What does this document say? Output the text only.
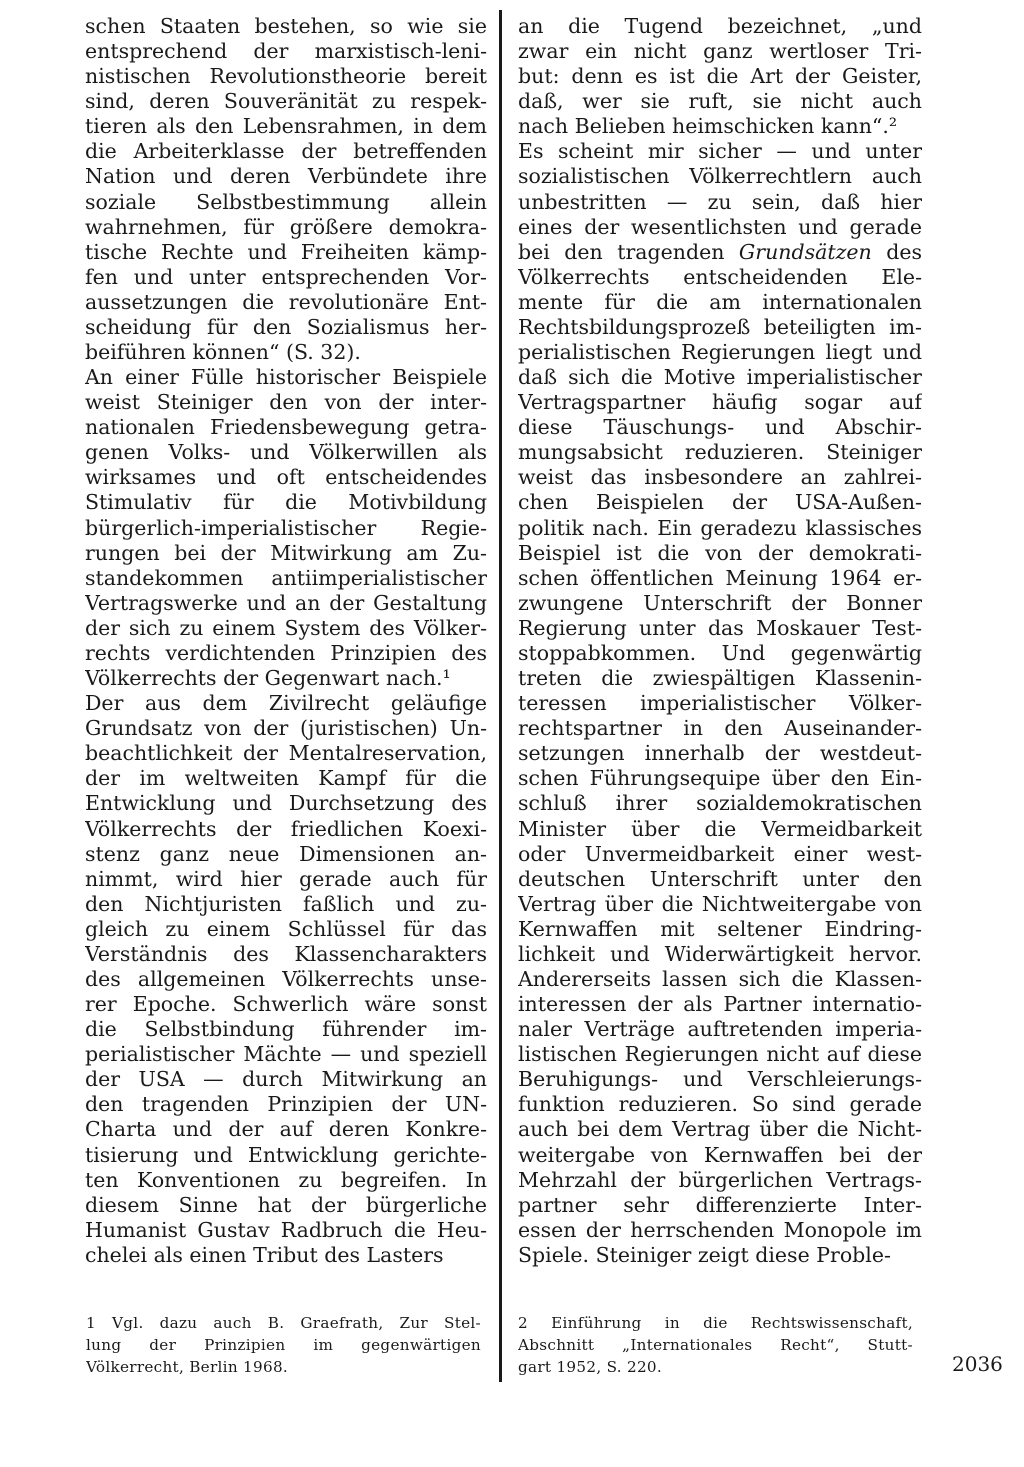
schen Staaten bestehen, so wie sie
entsprechend der marxistisch-leni-
nistischen Revolutionstheorie bereit
sind, deren Souveränität zu respek-
tieren als den Lebensrahmen, in dem
die Arbeiterklasse der betreffenden
Nation und deren Verbündete ihre
soziale Selbstbestimmung allein
wahrnehmen, für größere demokra-
tische Rechte und Freiheiten kämp-
fen und unter entsprechenden Vor-
aussetzungen die revolutionäre Ent-
scheidung für den Sozialismus her-
beiführen können“ (S. 32).
An einer Fülle historischer Beispiele
weist Steiniger den von der inter-
nationalen Friedensbewegung getra-
genen Volks- und Völkerwillen als
wirksames und oft entscheidendes
Stimulativ für die Motivbildung
bürgerlich-imperialistischer Regie-
rungen bei der Mitwirkung am Zu-
standekommen antiimperialistischer
Vertragswerke und an der Gestaltung
der sich zu einem System des Völker-
rechts verdichtenden Prinzipien des
Völkerrechts der Gegenwart nach.¹
Der aus dem Zivilrecht geläufige
Grundsatz von der (juristischen) Un-
beachtlichkeit der Mentalreservation,
der im weltweiten Kampf für die
Entwicklung und Durchsetzung des
Völkerrechts der friedlichen Koexi-
stenz ganz neue Dimensionen an-
nimmt, wird hier gerade auch für
den Nichtjuristen faßlich und zu-
gleich zu einem Schlüssel für das
Verständnis des Klassencharakters
des allgemeinen Völkerrechts unse-
rer Epoche. Schwerlich wäre sonst
die Selbstbindung führender im-
perialistischer Mächte — und speziell
der USA — durch Mitwirkung an
den tragenden Prinzipien der UN-
Charta und der auf deren Konkre-
tisierung und Entwicklung gerichte-
ten Konventionen zu begreifen. In
diesem Sinne hat der bürgerliche
Humanist Gustav Radbruch die Heu-
chelei als einen Tribut des Lasters
an die Tugend bezeichnet, „und
zwar ein nicht ganz wertloser Tri-
but: denn es ist die Art der Geister,
daß, wer sie ruft, sie nicht auch
nach Belieben heimschicken kann“.²
Es scheint mir sicher — und unter
sozialistischen Völkerrechtlern auch
unbestritten — zu sein, daß hier
eines der wesentlichsten und gerade
bei den tragenden Grundsätzen des
Völkerrechts entscheidenden Ele-
mente für die am internationalen
Rechtsbildungsprozeß beteiligten im-
perialistischen Regierungen liegt und
daß sich die Motive imperialistischer
Vertragspartner häufig sogar auf
diese Täuschungs- und Abschir-
mungsabsicht reduzieren. Steiniger
weist das insbesondere an zahlrei-
chen Beispielen der USA-Außen-
politik nach. Ein geradezu klassisches
Beispiel ist die von der demokrati-
schen öffentlichen Meinung 1964 er-
zwungene Unterschrift der Bonner
Regierung unter das Moskauer Test-
stoppabkommen. Und gegenwärtig
treten die zwiespältigen Klassenin-
teressen imperialistischer Völker-
rechtspartner in den Auseinander-
setzungen innerhalb der westdeut-
schen Führungsequipe über den Ein-
schluß ihrer sozialdemokratischen
Minister über die Vermeidbarkeit
oder Unvermeidbarkeit einer west-
deutschen Unterschrift unter den
Vertrag über die Nichtweitergabe von
Kernwaffen mit seltener Eindring-
lichkeit und Widerwärtigkeit hervor.
Andererseits lassen sich die Klassen-
interessen der als Partner internatio-
naler Verträge auftretenden imperia-
listischen Regierungen nicht auf diese
Beruhigungs- und Verschleierungs-
funktion reduzieren. So sind gerade
auch bei dem Vertrag über die Nicht-
weitergabe von Kernwaffen bei der
Mehrzahl der bürgerlichen Vertrags-
partner sehr differenzierte Inter-
essen der herrschenden Monopole im
Spiele. Steiniger zeigt diese Proble-
1 Vgl. dazu auch B. Graefrath, Zur Stel-
lung der Prinzipien im gegenwärtigen
Völkerrecht, Berlin 1968.
2 Einführung in die Rechtswissenschaft,
Abschnitt „Internationales Recht“, Stutt-
gart 1952, S. 220.	2036
